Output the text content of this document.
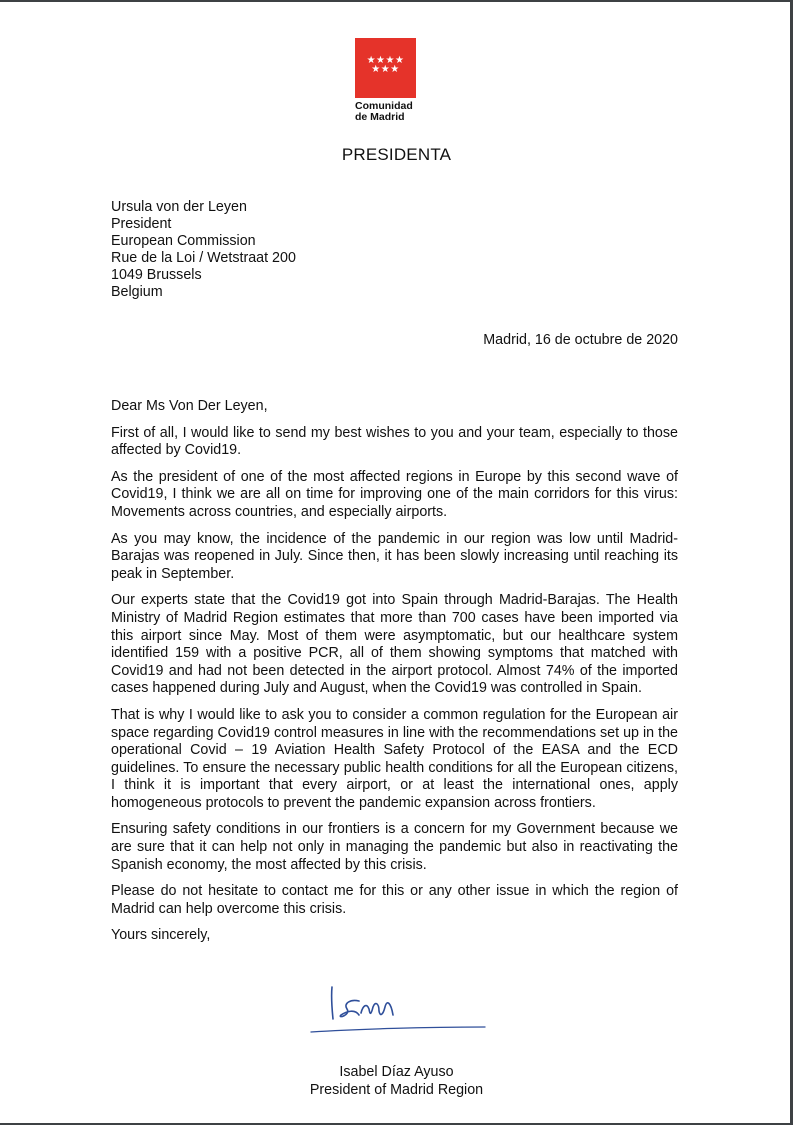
★★★★
★★★
Comunidad
de Madrid
PRESIDENTA
Ursula von der Leyen
President
European Commission
Rue de la Loi / Wetstraat 200
1049 Brussels
Belgium
Madrid, 16 de octubre de 2020

Dear Ms Von Der Leyen,

First of all, I would like to send my best wishes to you and your team, especially to those affected by Covid19.

As the president of one of the most affected regions in Europe by this second wave of Covid19, I think we are all on time for improving one of the main corridors for this virus: Movements across countries, and especially airports.

As you may know, the incidence of the pandemic in our region was low until Madrid-Barajas was reopened in July. Since then, it has been slowly increasing until reaching its peak in September.

Our experts state that the Covid19 got into Spain through Madrid-Barajas. The Health Ministry of Madrid Region estimates that more than 700 cases have been imported via this airport since May. Most of them were asymptomatic, but our healthcare system identified 159 with a positive PCR, all of them showing symptoms that matched with Covid19 and had not been detected in the airport protocol. Almost 74% of the imported cases happened during July and August, when the Covid19 was controlled in Spain.

That is why I would like to ask you to consider a common regulation for the European air space regarding Covid19 control measures in line with the recommendations set up in the operational Covid – 19 Aviation Health Safety Protocol of the EASA and the ECD guidelines. To ensure the necessary public health conditions for all the European citizens, I think it is important that every airport, or at least the international ones, apply homogeneous protocols to prevent the pandemic expansion across frontiers.

Ensuring safety conditions in our frontiers is a concern for my Government because we are sure that it can help not only in managing the pandemic but also in reactivating the Spanish economy, the most affected by this crisis.

Please do not hesitate to contact me for this or any other issue in which the region of Madrid can help overcome this crisis.

Yours sincerely,

Isabel Díaz Ayuso
President of Madrid Region
